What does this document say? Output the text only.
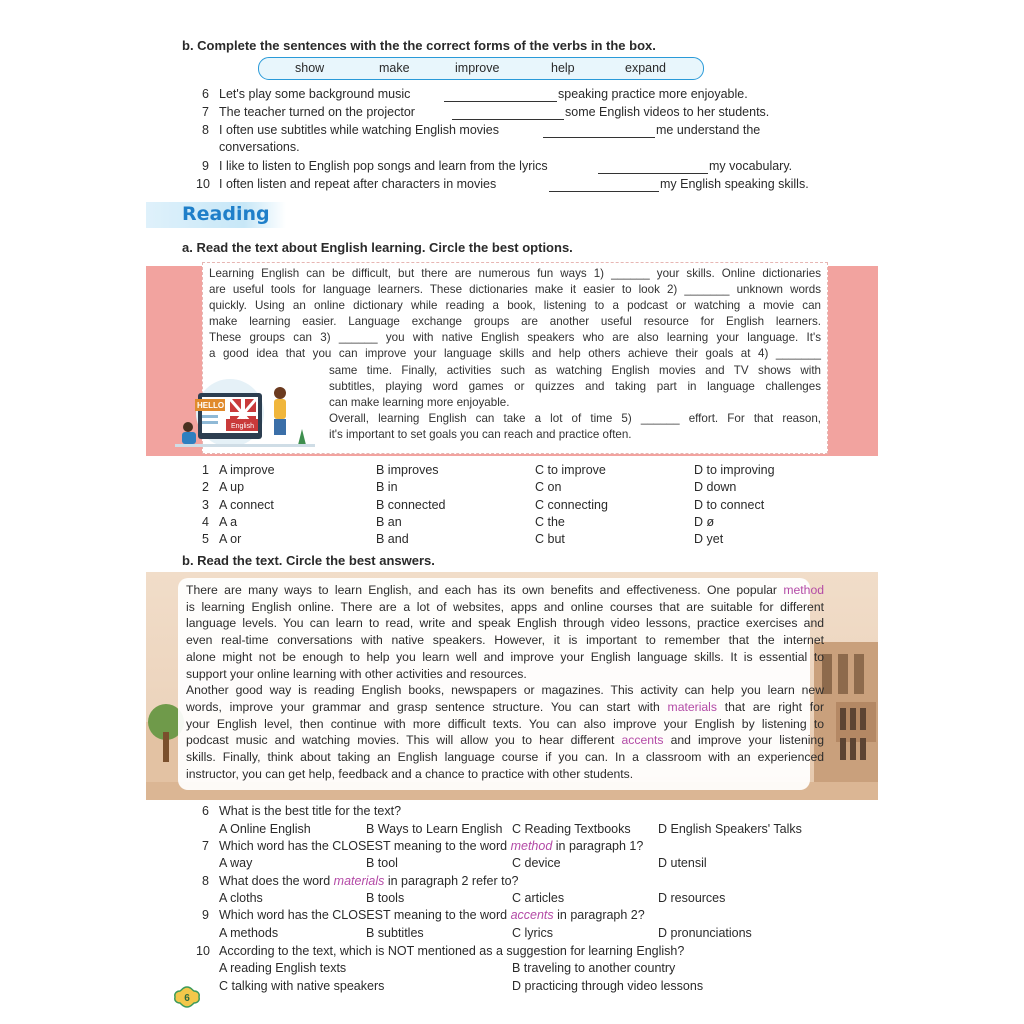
b. Complete the sentences with the the correct forms of the verbs in the box.
show	make	improve	help	expand
6 Let's play some background music	speaking practice more enjoyable.
7 The teacher turned on the projector	some English videos to her students.
8 I often use subtitles while watching English movies	me understand the
conversations.
9 I like to listen to English pop songs and learn from the lyrics	my vocabulary.
10 I often listen and repeat after characters in movies	my English speaking skills.
Reading
a. Read the text about English learning. Circle the best options.
Learning English can be difficult, but there are numerous fun ways 1) ______ your skills. Online dictionaries
are useful tools for language learners. These dictionaries make it easier to look 2) _______ unknown words
quickly. Using an online dictionary while reading a book, listening to a podcast or watching a movie can
make learning easier. Language exchange groups are another useful resource for English learners.
These groups can 3) ______ you with native English speakers who are also learning your language. It's
a good idea that you can improve your language skills and help others achieve their goals at 4) _______
same time. Finally, activities such as watching English movies and TV shows with
subtitles, playing word games or quizzes and taking part in language challenges
can make learning more enjoyable.
Overall, learning English can take a lot of time 5) ______ effort. For that reason,
it's important to set goals you can reach and practice often.
HELLO
English
1 A improve	B improves	C to improve	D to improving
2 A up	B in	C on	D down
3 A connect	B connected	C connecting	D to connect
4 A a	B an	C the	D ø
5 A or	B and	C but	D yet
b. Read the text. Circle the best answers.
There are many ways to learn English, and each has its own benefits and effectiveness. One popular method
is learning English online. There are a lot of websites, apps and online courses that are suitable for different
language levels. You can learn to read, write and speak English through video lessons, practice exercises and
even real-time conversations with native speakers. However, it is important to remember that the internet
alone might not be enough to help you learn well and improve your English language skills. It is essential to
support your online learning with other activities and resources.
Another good way is reading English books, newspapers or magazines. This activity can help you learn new
words, improve your grammar and grasp sentence structure. You can start with materials that are right for
your English level, then continue with more difficult texts. You can also improve your English by listening to
podcast music and watching movies. This will allow you to hear different accents and improve your listening
skills. Finally, think about taking an English language course if you can. In a classroom with an experienced
instructor, you can get help, feedback and a chance to practice with other students.
6 What is the best title for the text?
A Online English	B Ways to Learn English C Reading Textbooks D English Speakers' Talks
7 Which word has the CLOSEST meaning to the word method in paragraph 1?
A way	B tool	C device	D utensil
8 What does the word materials in paragraph 2 refer to?
A cloths	B tools	C articles	D resources
9 Which word has the CLOSEST meaning to the word accents in paragraph 2?
A methods	B subtitles	C lyrics	D pronunciations
10 According to the text, which is NOT mentioned as a suggestion for learning English?
A reading English texts	B traveling to another country
C talking with native speakers	D practicing through video lessons
6
